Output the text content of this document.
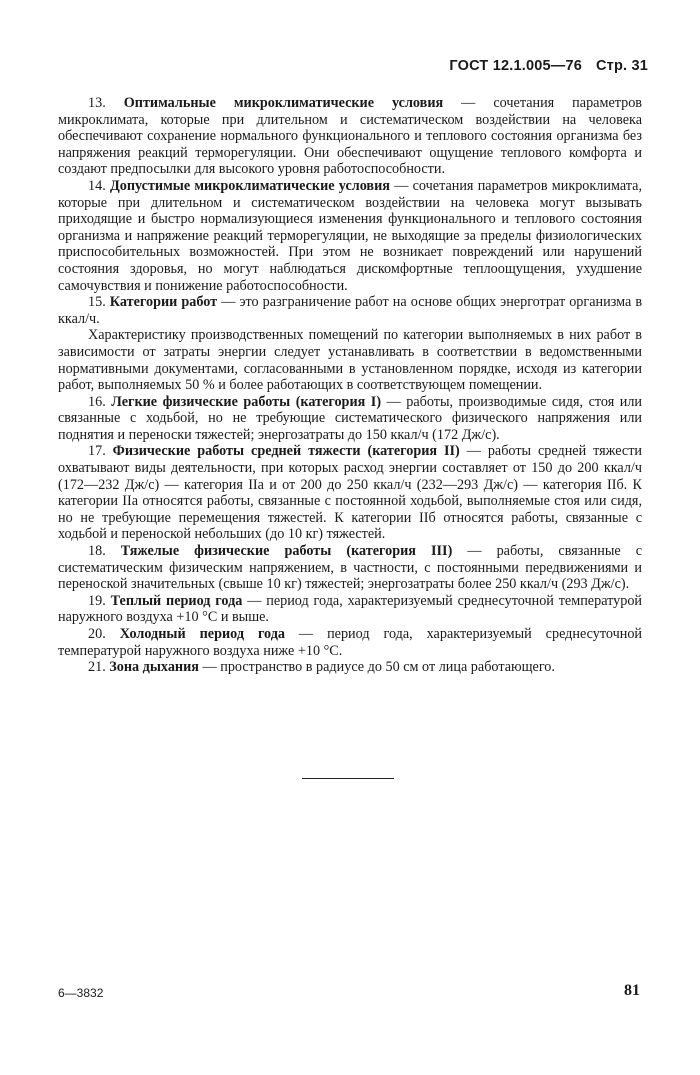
ГОСТ 12.1.005—76 Стр. 31

13. Оптимальные микроклиматические условия — сочетания параметров микроклимата, которые при длительном и систематическом воздействии на человека обеспечивают сохранение нормального функционального и теплового состояния организма без напряжения реакций терморегуляции. Они обеспечивают ощущение теплового комфорта и создают предпосылки для высокого уровня работоспособности.

14. Допустимые микроклиматические условия — сочетания параметров микроклимата, которые при длительном и систематическом воздействии на человека могут вызывать приходящие и быстро нормализующиеся изменения функционального и теплового состояния организма и напряжение реакций терморегуляции, не выходящие за пределы физиологических приспособительных возможностей. При этом не возникает повреждений или нарушений состояния здоровья, но могут наблюдаться дискомфортные теплоощущения, ухудшение самочувствия и понижение работоспособности.

15. Категории работ — это разграничение работ на основе общих энерготрат организма в ккал/ч.

Характеристику производственных помещений по категории выполняемых в них работ в зависимости от затраты энергии следует устанавливать в соответствии в ведомственными нормативными документами, согласованными в установленном порядке, исходя из категории работ, выполняемых 50 % и более работающих в соответствующем помещении.

16. Легкие физические работы (категория I) — работы, производимые сидя, стоя или связанные с ходьбой, но не требующие систематического физического напряжения или поднятия и переноски тяжестей; энергозатраты до 150 ккал/ч (172 Дж/с).

17. Физические работы средней тяжести (категория II) — работы средней тяжести охватывают виды деятельности, при которых расход энергии составляет от 150 до 200 ккал/ч (172—232 Дж/с) — категория IIа и от 200 до 250 ккал/ч (232—293 Дж/с) — категория IIб. К категории IIа относятся работы, связанные с постоянной ходьбой, выполняемые стоя или сидя, но не требующие перемещения тяжестей. К категории IIб относятся работы, связанные с ходьбой и переноской небольших (до 10 кг) тяжестей.

18. Тяжелые физические работы (категория III) — работы, связанные с систематическим физическим напряжением, в частности, с постоянными передвижениями и переноской значительных (свыше 10 кг) тяжестей; энергозатраты более 250 ккал/ч (293 Дж/с).

19. Теплый период года — период года, характеризуемый среднесуточной температурой наружного воздуха +10 °С и выше.

20. Холодный период года — период года, характеризуемый среднесуточной температурой наружного воздуха ниже +10 °С.

21. Зона дыхания — пространство в радиусе до 50 см от лица работающего.

6—3832	81
